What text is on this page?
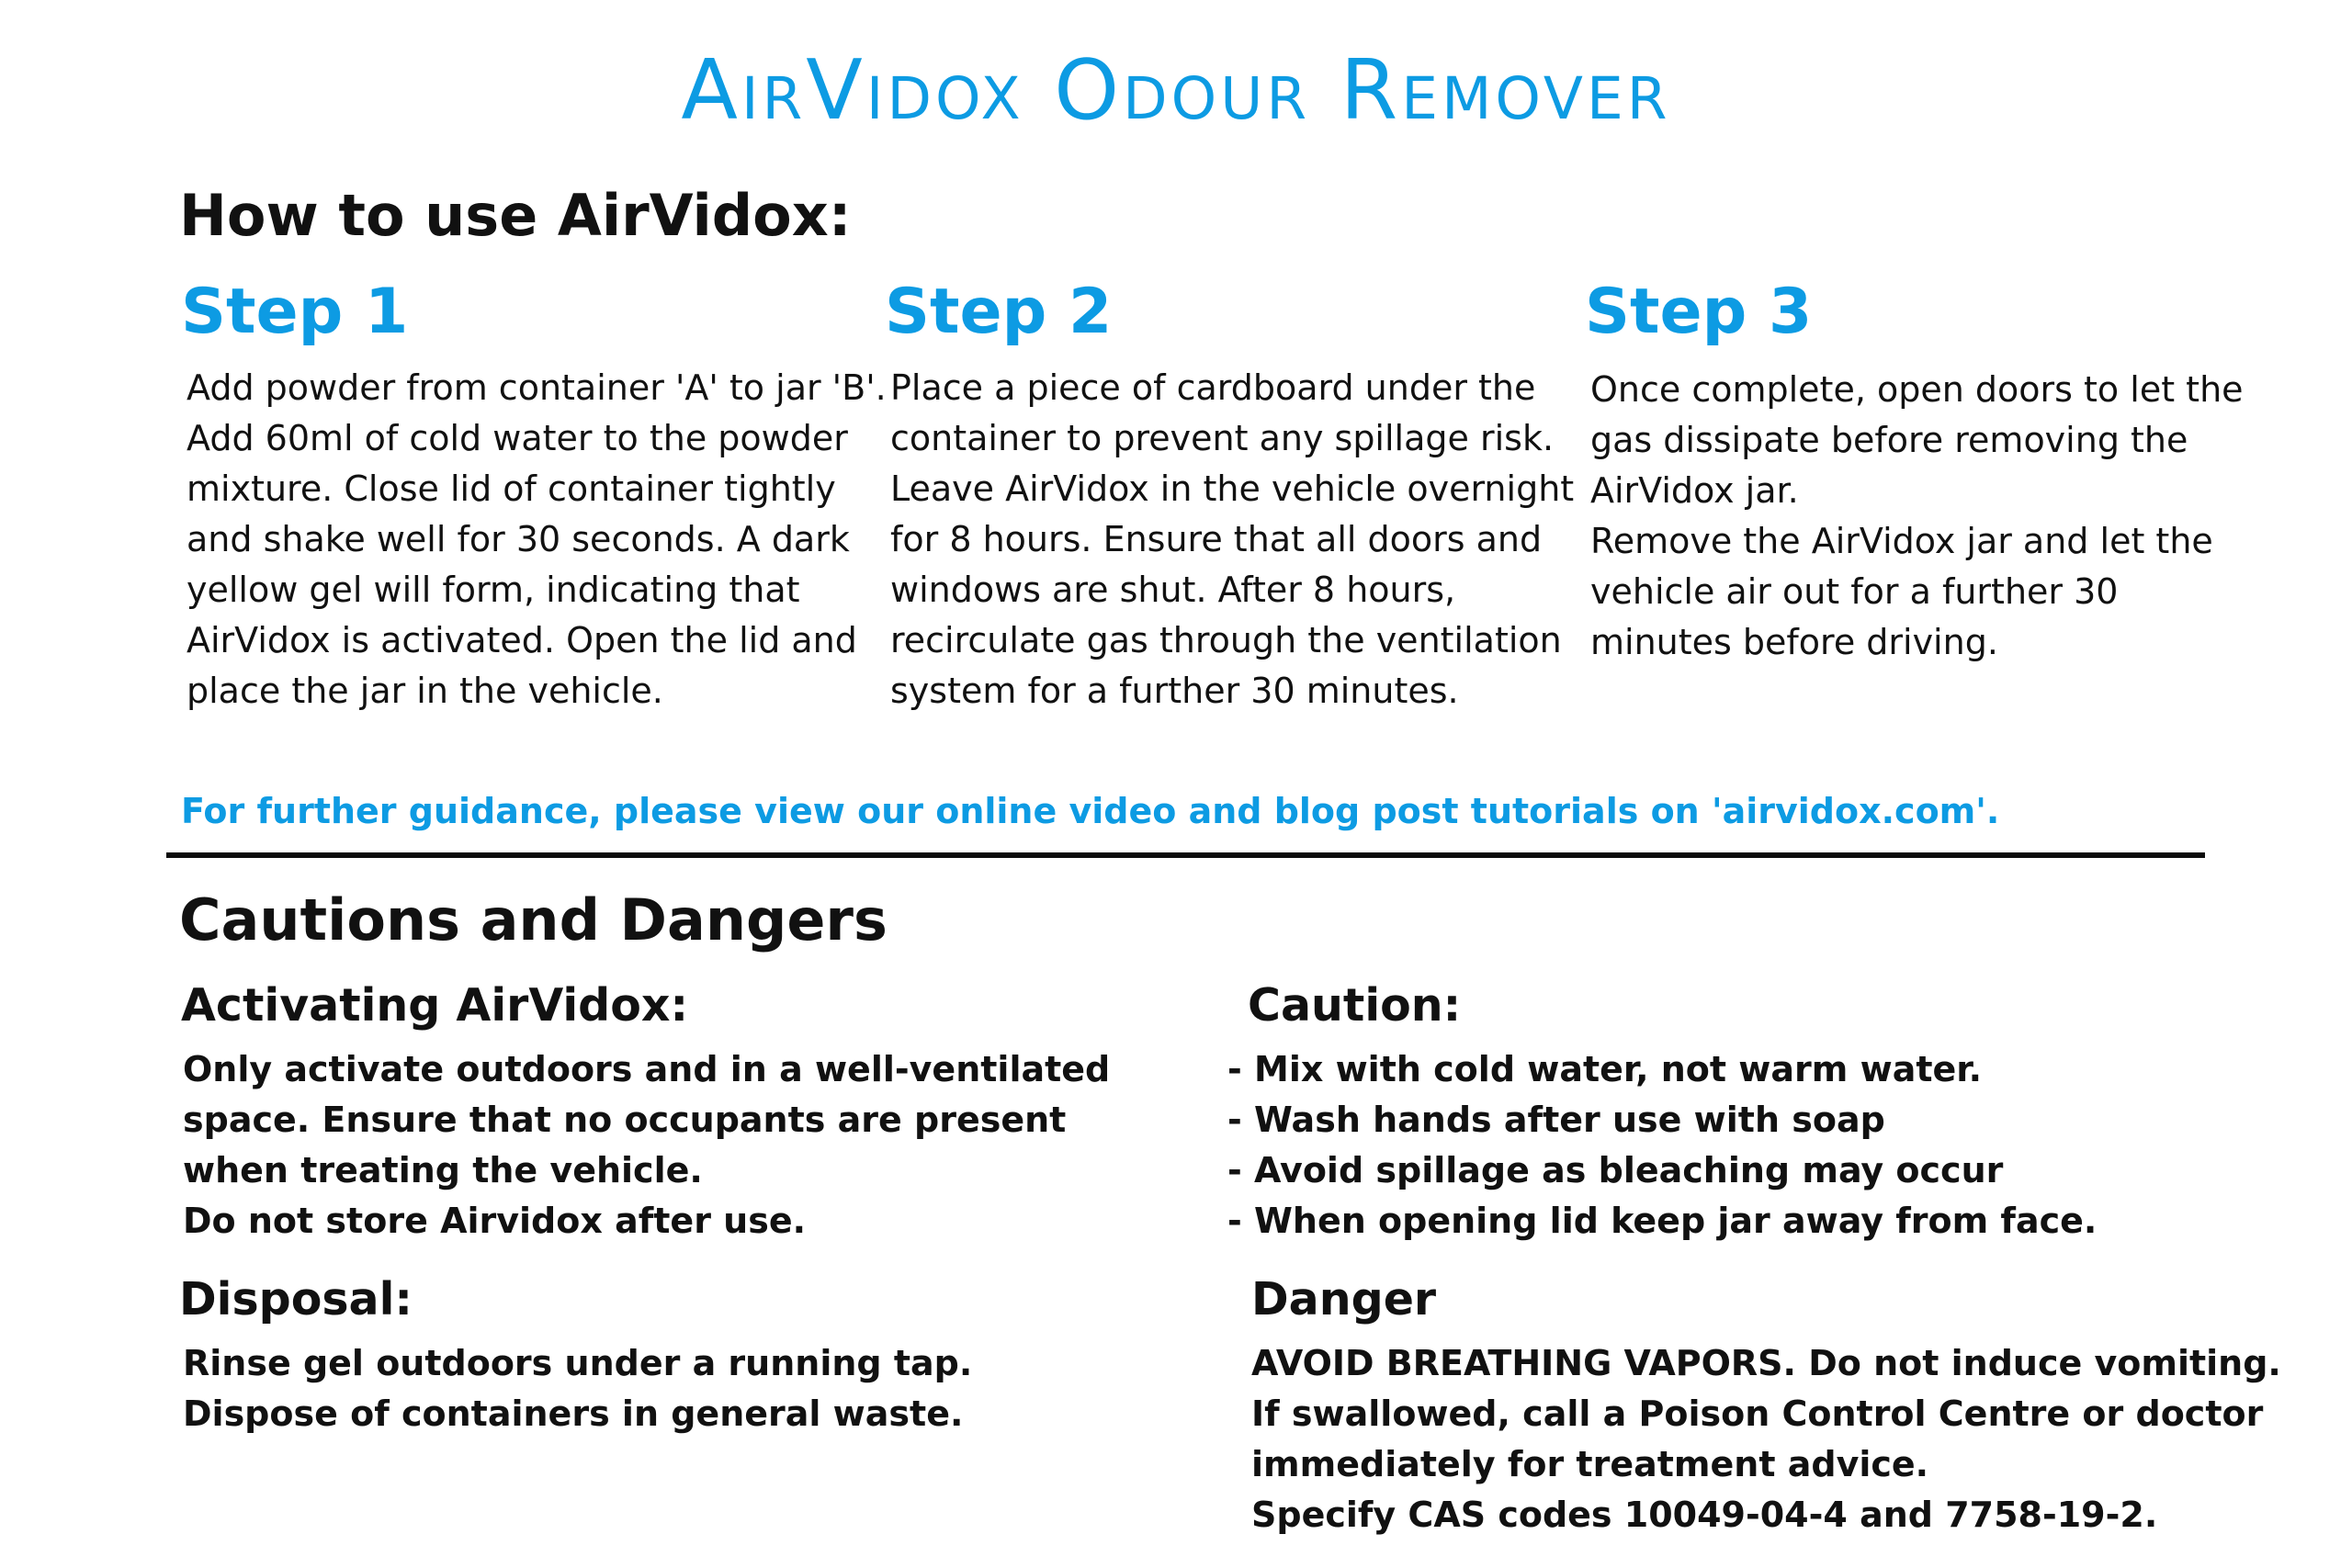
AirVidox Odour Remover
How to use AirVidox:
Step 1
Add powder from container 'A' to jar 'B'.
Add 60ml of cold water to the powder
mixture. Close lid of container tightly
and shake well for 30 seconds. A dark
yellow gel will form, indicating that
AirVidox is activated. Open the lid and
place the jar in the vehicle.
Step 2
Place a piece of cardboard under the
container to prevent any spillage risk.
Leave AirVidox in the vehicle overnight
for 8 hours. Ensure that all doors and
windows are shut. After 8 hours,
recirculate gas through the ventilation
system for a further 30 minutes.
Step 3
Once complete, open doors to let the
gas dissipate before removing the
AirVidox jar.
Remove the AirVidox jar and let the
vehicle air out for a further 30
minutes before driving.
For further guidance, please view our online video and blog post tutorials on 'airvidox.com'.
Cautions and Dangers
Activating AirVidox:
Only activate outdoors and in a well-ventilated
space. Ensure that no occupants are present
when treating the vehicle.
Do not store Airvidox after use.
Caution:
- Mix with cold water, not warm water.
- Wash hands after use with soap
- Avoid spillage as bleaching may occur
- When opening lid keep jar away from face.
Disposal:
Rinse gel outdoors under a running tap.
Dispose of containers in general waste.
Danger
AVOID BREATHING VAPORS. Do not induce vomiting.
If swallowed, call a Poison Control Centre or doctor
immediately for treatment advice.
Specify CAS codes 10049-04-4 and 7758-19-2.
